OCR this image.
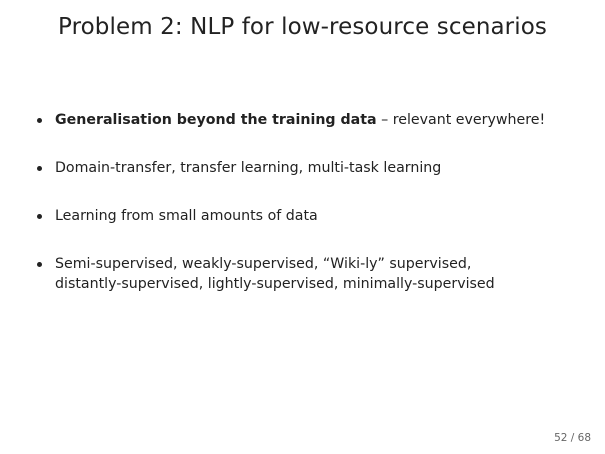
Problem 2: NLP for low-resource scenarios
Generalisation beyond the training data – relevant everywhere!
Domain-transfer, transfer learning, multi-task learning
Learning from small amounts of data
Semi-supervised, weakly-supervised, “Wiki-ly” supervised,
distantly-supervised, lightly-supervised, minimally-supervised
52 / 68
